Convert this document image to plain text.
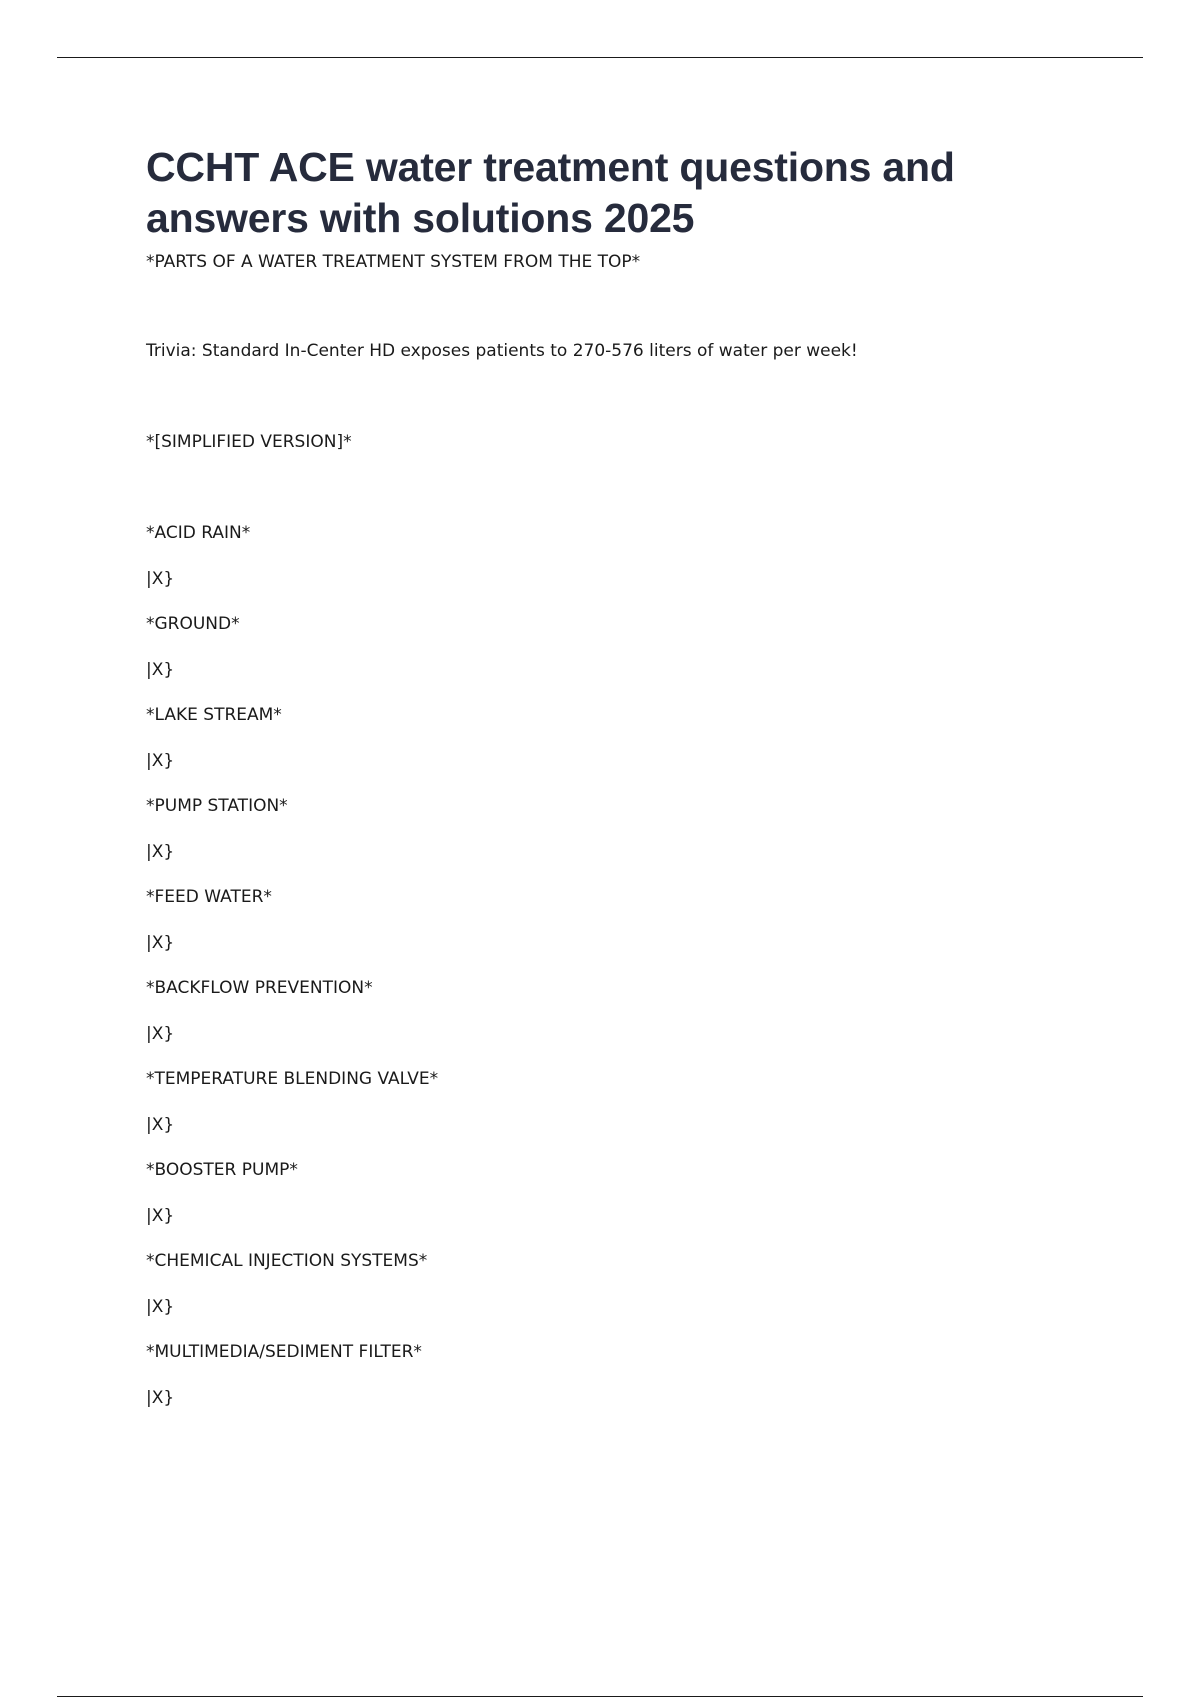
CCHT ACE water treatment questions and answers with solutions 2025
*PARTS OF A WATER TREATMENT SYSTEM FROM THE TOP*
Trivia: Standard In-Center HD exposes patients to 270-576 liters of water per week!
*[SIMPLIFIED VERSION]*
*ACID RAIN*
|X}
*GROUND*
|X}
*LAKE STREAM*
|X}
*PUMP STATION*
|X}
*FEED WATER*
|X}
*BACKFLOW PREVENTION*
|X}
*TEMPERATURE BLENDING VALVE*
|X}
*BOOSTER PUMP*
|X}
*CHEMICAL INJECTION SYSTEMS*
|X}
*MULTIMEDIA/SEDIMENT FILTER*
|X}
